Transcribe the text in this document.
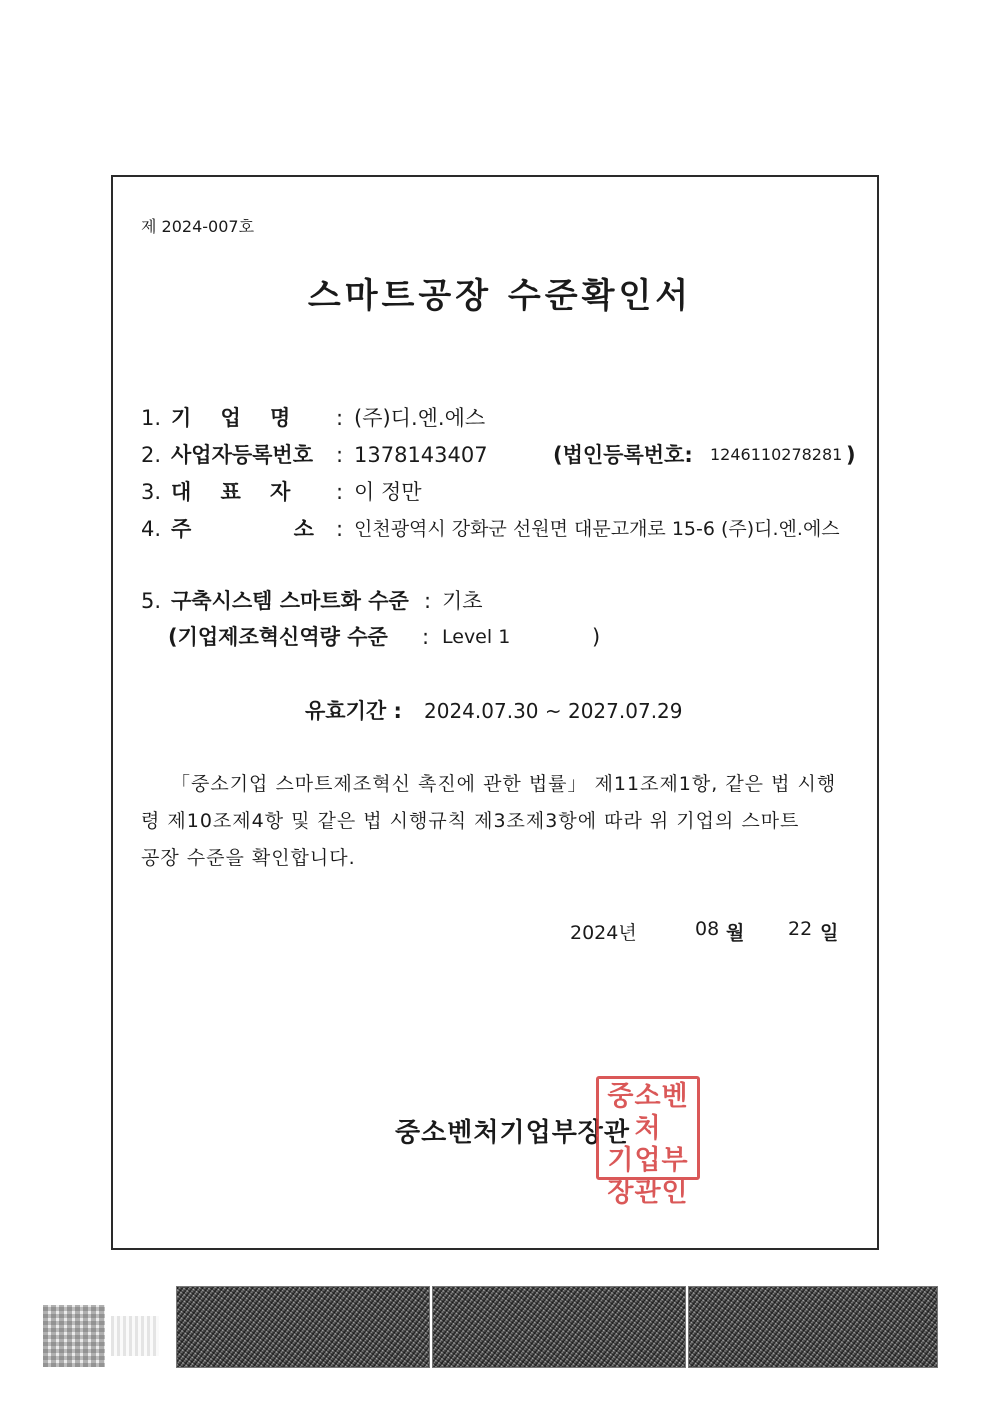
제 2024-007호
스마트공장 수준확인서
1. 기    업    명 : (주)디.엔.에스
2. 사업자등록번호 : 1378143407	(법인등록번호: 1246110278281 )
3. 대    표    자 : 이 정만
4. 주              소 : 인천광역시 강화군 선원면 대문고개로 15-6 (주)디.엔.에스
5. 구축시스템 스마트화 수준 : 기초
(기업제조혁신역량 수준 : Level 1	)
유효기간 : 2024.07.30 ~ 2027.07.29
「중소기업 스마트제조혁신 촉진에 관한 법률」 제11조제1항, 같은 법 시행
령 제10조제4항 및 같은 법 시행규칙 제3조제3항에 따라 위 기업의 스마트
공장 수준을 확인합니다.
2024년	08 월 22 일
중소벤처기업부장관
중소벤처
기업부
장관인
